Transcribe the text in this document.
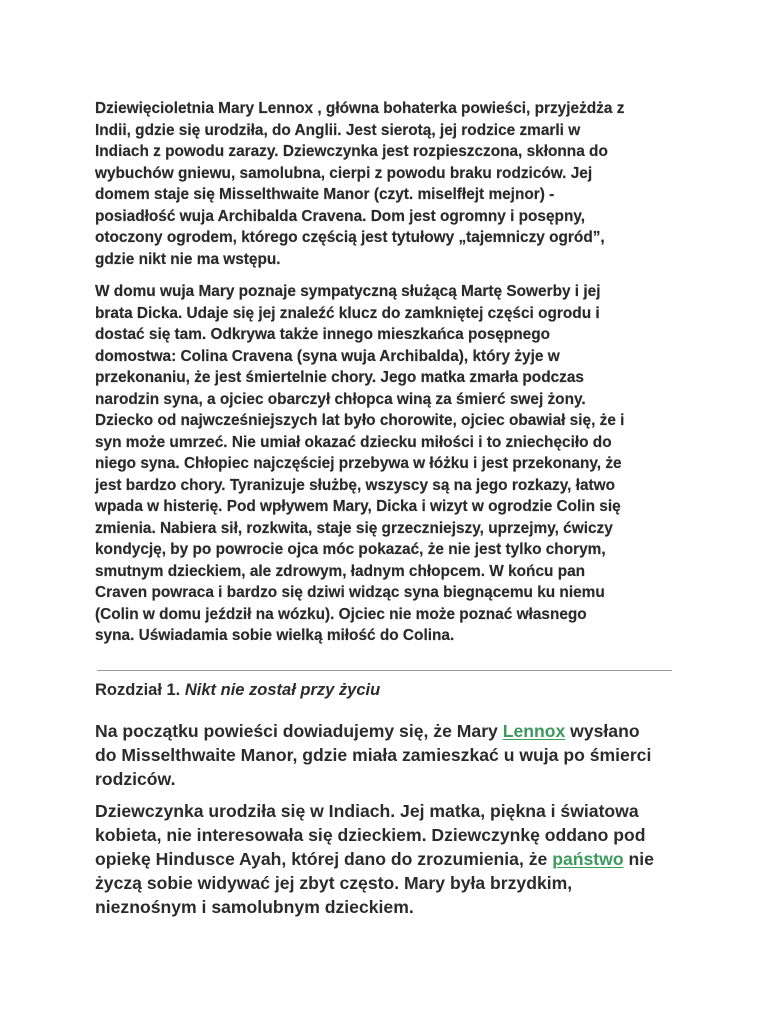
Dziewięcioletnia Mary Lennox , główna bohaterka powieści, przyjeżdża z
Indii, gdzie się urodziła, do Anglii. Jest sierotą, jej rodzice zmarli w
Indiach z powodu zarazy. Dziewczynka jest rozpieszczona, skłonna do
wybuchów gniewu, samolubna, cierpi z powodu braku rodziców. Jej
domem staje się Misselthwaite Manor (czyt. miselfłejt mejnor) -
posiadłość wuja Archibalda Cravena. Dom jest ogromny i posępny,
otoczony ogrodem, którego częścią jest tytułowy „tajemniczy ogród”,
gdzie nikt nie ma wstępu.
W domu wuja Mary poznaje sympatyczną służącą Martę Sowerby i jej
brata Dicka. Udaje się jej znaleźć klucz do zamkniętej części ogrodu i
dostać się tam. Odkrywa także innego mieszkańca posępnego
domostwa: Colina Cravena (syna wuja Archibalda), który żyje w
przekonaniu, że jest śmiertelnie chory. Jego matka zmarła podczas
narodzin syna, a ojciec obarczył chłopca winą za śmierć swej żony.
Dziecko od najwcześniejszych lat było chorowite, ojciec obawiał się, że i
syn może umrzeć. Nie umiał okazać dziecku miłości i to zniechęciło do
niego syna. Chłopiec najczęściej przebywa w łóżku i jest przekonany, że
jest bardzo chory. Tyranizuje służbę, wszyscy są na jego rozkazy, łatwo
wpada w histerię. Pod wpływem Mary, Dicka i wizyt w ogrodzie Colin się
zmienia. Nabiera sił, rozkwita, staje się grzeczniejszy, uprzejmy, ćwiczy
kondycję, by po powrocie ojca móc pokazać, że nie jest tylko chorym,
smutnym dzieckiem, ale zdrowym, ładnym chłopcem. W końcu pan
Craven powraca i bardzo się dziwi widząc syna biegnącemu ku niemu
(Colin w domu jeździł na wózku). Ojciec nie może poznać własnego
syna. Uświadamia sobie wielką miłość do Colina.
Rozdział 1. Nikt nie został przy życiu
Na początku powieści dowiadujemy się, że Mary Lennox wysłano
do Misselthwaite Manor, gdzie miała zamieszkać u wuja po śmierci
rodziców.
Dziewczynka urodziła się w Indiach. Jej matka, piękna i światowa
kobieta, nie interesowała się dzieckiem. Dziewczynkę oddano pod
opiekę Hindusce Ayah, której dano do zrozumienia, że państwo nie
życzą sobie widywać jej zbyt często. Mary była brzydkim,
nieznośnym i samolubnym dzieckiem.
